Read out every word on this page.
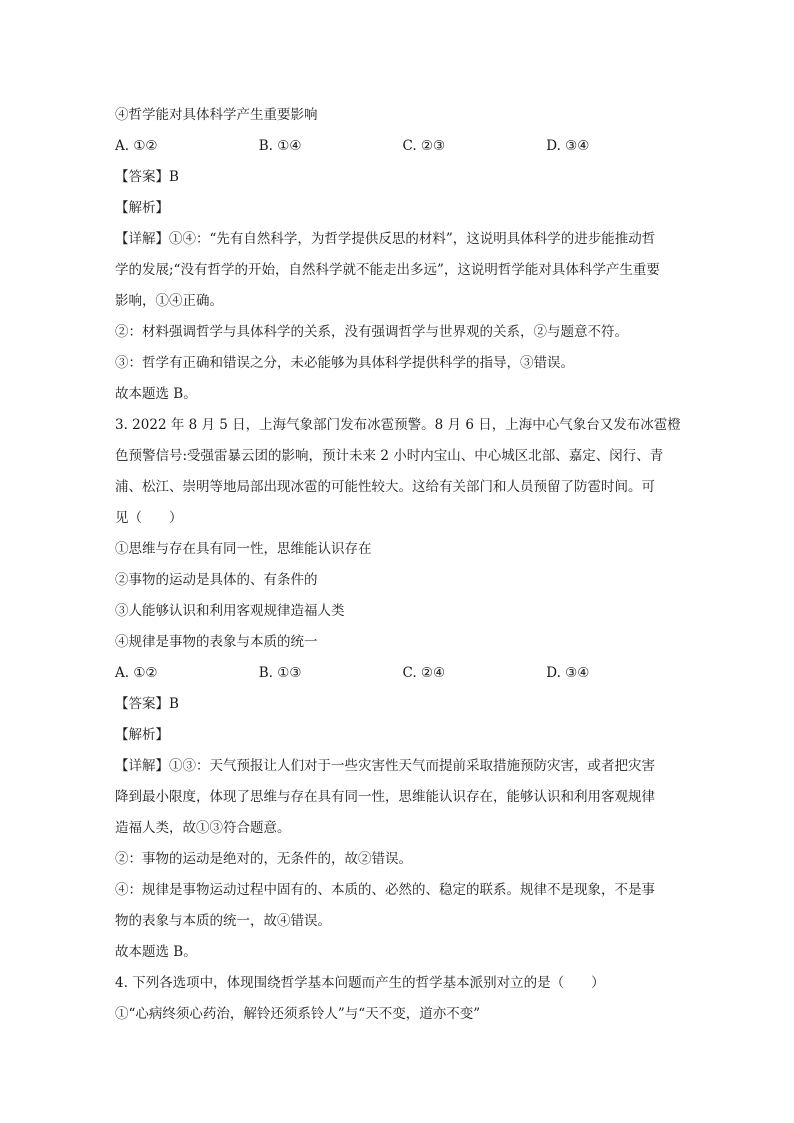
④哲学能对具体科学产生重要影响

A. ①②	B. ①④	C. ②③	D. ③④

【答案】B

【解析】

【详解】①④：“先有自然科学，为哲学提供反思的材料”，这说明具体科学的进步能推动哲

学的发展;“没有哲学的开始，自然科学就不能走出多远”，这说明哲学能对具体科学产生重要

影响，①④正确。

②：材料强调哲学与具体科学的关系，没有强调哲学与世界观的关系，②与题意不符。

③：哲学有正确和错误之分，未必能够为具体科学提供科学的指导，③错误。

故本题选 B。

3. 2022 年 8 月 5 日，上海气象部门发布冰雹预警。8 月 6 日，上海中心气象台又发布冰雹橙

色预警信号:受强雷暴云团的影响，预计未来 2 小时内宝山、中心城区北部、嘉定、闵行、青

浦、松江、崇明等地局部出现冰雹的可能性较大。这给有关部门和人员预留了防雹时间。可

见（　　）

①思维与存在具有同一性，思维能认识存在

②事物的运动是具体的、有条件的

③人能够认识和利用客观规律造福人类

④规律是事物的表象与本质的统一

A. ①②	B. ①③	C. ②④	D. ③④

【答案】B

【解析】

【详解】①③：天气预报让人们对于一些灾害性天气而提前采取措施预防灾害，或者把灾害

降到最小限度，体现了思维与存在具有同一性，思维能认识存在，能够认识和利用客观规律

造福人类，故①③符合题意。

②：事物的运动是绝对的，无条件的，故②错误。

④：规律是事物运动过程中固有的、本质的、必然的、稳定的联系。规律不是现象，不是事

物的表象与本质的统一，故④错误。

故本题选 B。

4. 下列各选项中，体现围绕哲学基本问题而产生的哲学基本派别对立的是（　　）

①“心病终须心药治，解铃还须系铃人”与“天不变，道亦不变”
